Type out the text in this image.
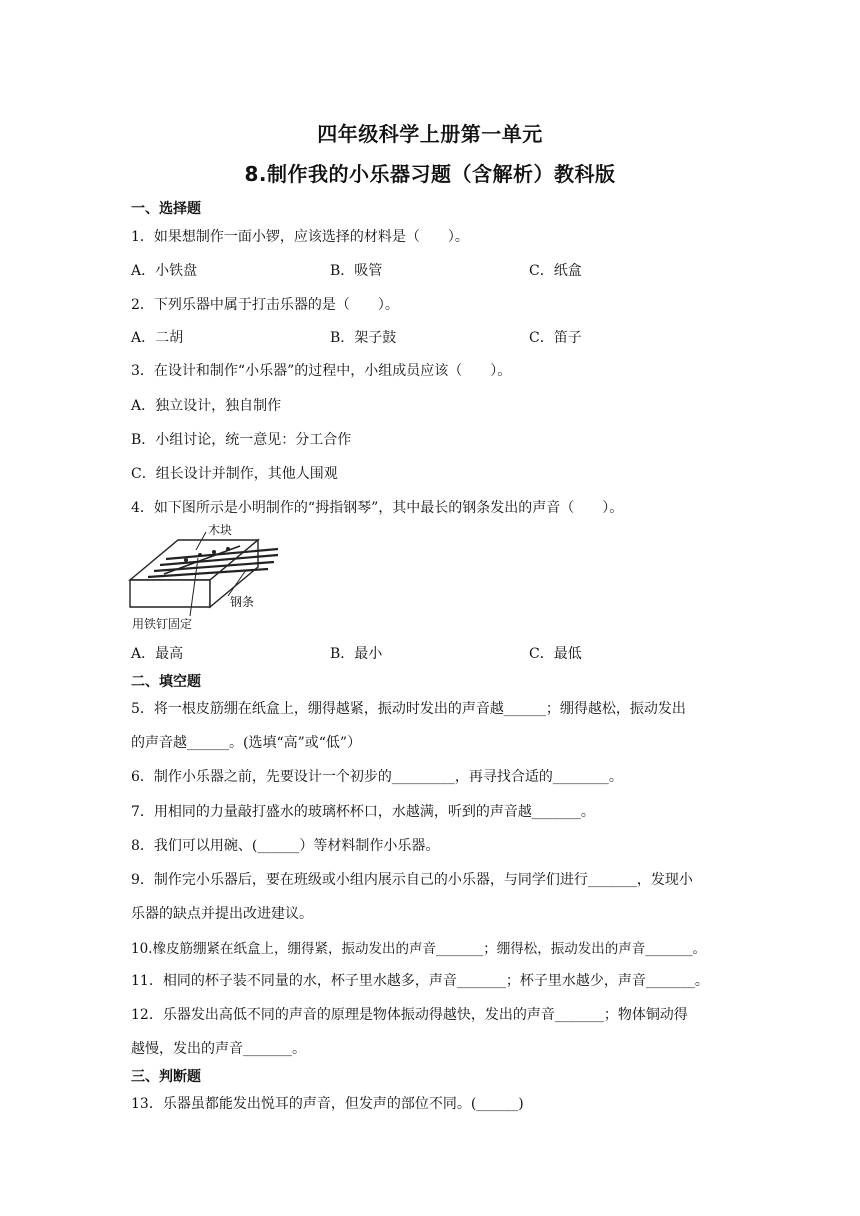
四年级科学上册第一单元
8.制作我的小乐器习题（含解析）教科版
一、选择题
1．如果想制作一面小锣，应该选择的材料是（　　）。
A．小铁盘	B．吸管	C．纸盒
2．下列乐器中属于打击乐器的是（　　）。
A．二胡	B．架子鼓	C．笛子
3．在设计和制作“小乐器”的过程中，小组成员应该（　　）。
A．独立设计，独自制作
B．小组讨论，统一意见：分工合作
C．组长设计并制作，其他人围观
4．如下图所示是小明制作的“拇指钢琴”，其中最长的钢条发出的声音（　　）。
木块
钢条
用铁钉固定
A．最高	B．最小	C．最低
二、填空题
5．将一根皮筋绷在纸盒上，绷得越紧，振动时发出的声音越______；绷得越松，振动发出
的声音越______。(选填“高”或“低”）
6．制作小乐器之前，先要设计一个初步的_________，再寻找合适的________。
7．用相同的力量敲打盛水的玻璃杯杯口，水越满，听到的声音越_______。
8．我们可以用碗、(______）等材料制作小乐器。
9．制作完小乐器后，要在班级或小组内展示自己的小乐器，与同学们进行_______，发现小
乐器的缺点并提出改进建议。
10.橡皮筋绷紧在纸盒上，绷得紧，振动发出的声音_______；绷得松，振动发出的声音_______。
11．相同的杯子装不同量的水，杯子里水越多，声音_______；杯子里水越少，声音_______。
12．乐器发出高低不同的声音的原理是物体振动得越快，发出的声音_______；物体铜动得
越慢，发出的声音_______。
三、判断题
13．乐器虽都能发出悦耳的声音，但发声的部位不同。(______)
